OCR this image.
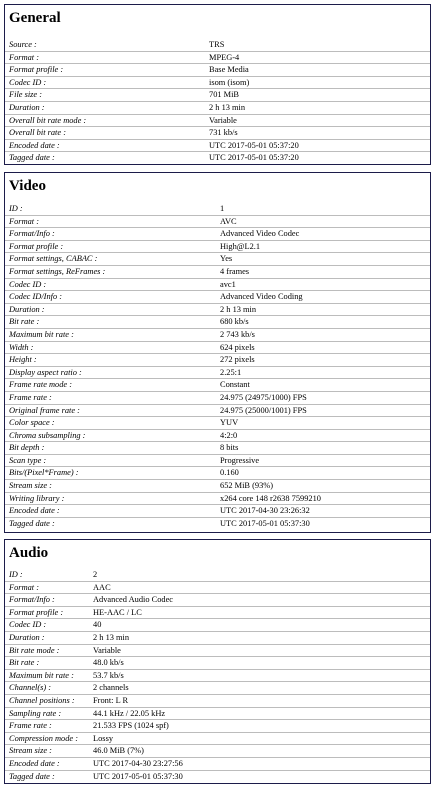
General
Source :	TRS
Format :	MPEG-4
Format profile :	Base Media
Codec ID :	isom (isom)
File size :	701 MiB
Duration :	2 h 13 min
Overall bit rate mode :	Variable
Overall bit rate :	731 kb/s
Encoded date :	UTC 2017-05-01 05:37:20
Tagged date :	UTC 2017-05-01 05:37:20
Video
ID :	1
Format :	AVC
Format/Info :	Advanced Video Codec
Format profile :	High@L2.1
Format settings, CABAC :	Yes
Format settings, ReFrames :	4 frames
Codec ID :	avc1
Codec ID/Info :	Advanced Video Coding
Duration :	2 h 13 min
Bit rate :	680 kb/s
Maximum bit rate :	2 743 kb/s
Width :	624 pixels
Height :	272 pixels
Display aspect ratio :	2.25:1
Frame rate mode :	Constant
Frame rate :	24.975 (24975/1000) FPS
Original frame rate :	24.975 (25000/1001) FPS
Color space :	YUV
Chroma subsampling :	4:2:0
Bit depth :	8 bits
Scan type :	Progressive
Bits/(Pixel*Frame) :	0.160
Stream size :	652 MiB (93%)
Writing library :	x264 core 148 r2638 7599210
Encoded date :	UTC 2017-04-30 23:26:32
Tagged date :	UTC 2017-05-01 05:37:30
Audio
ID :	2
Format :	AAC
Format/Info :	Advanced Audio Codec
Format profile :	HE-AAC / LC
Codec ID :	40
Duration :	2 h 13 min
Bit rate mode :	Variable
Bit rate :	48.0 kb/s
Maximum bit rate : 53.7 kb/s
Channel(s) :	2 channels
Channel positions : Front: L R
Sampling rate :	44.1 kHz / 22.05 kHz
Frame rate :	21.533 FPS (1024 spf)
Compression mode : Lossy
Stream size :	46.0 MiB (7%)
Encoded date :	UTC 2017-04-30 23:27:56
Tagged date :	UTC 2017-05-01 05:37:30
